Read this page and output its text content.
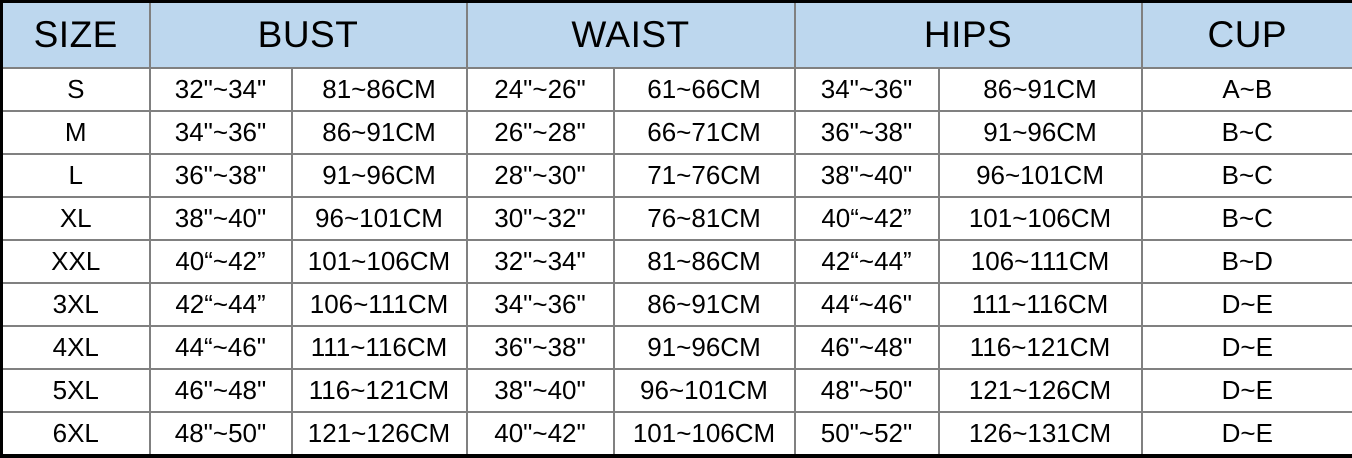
SIZE	BUST		WAIST		HIPS		CUP
S	32"~34"	81~86CM	24"~26"	61~66CM	34"~36"	86~91CM	A~B
M	34"~36"	86~91CM	26"~28"	66~71CM	36"~38"	91~96CM	B~C
L	36"~38"	91~96CM	28"~30"	71~76CM	38"~40"	96~101CM	B~C
XL	38"~40"	96~101CM	30"~32"	76~81CM	40“~42”	101~106CM	B~C
XXL	40“~42”	101~106CM	32"~34"	81~86CM	42“~44”	106~111CM	B~D
3XL	42“~44”	106~111CM	34"~36"	86~91CM	44“~46"	111~116CM	D~E
4XL	44“~46"	111~116CM	36"~38"	91~96CM	46"~48"	116~121CM	D~E
5XL	46"~48"	116~121CM	38"~40"	96~101CM	48"~50"	121~126CM	D~E
6XL	48"~50"	121~126CM	40"~42"	101~106CM	50"~52"	126~131CM	D~E
